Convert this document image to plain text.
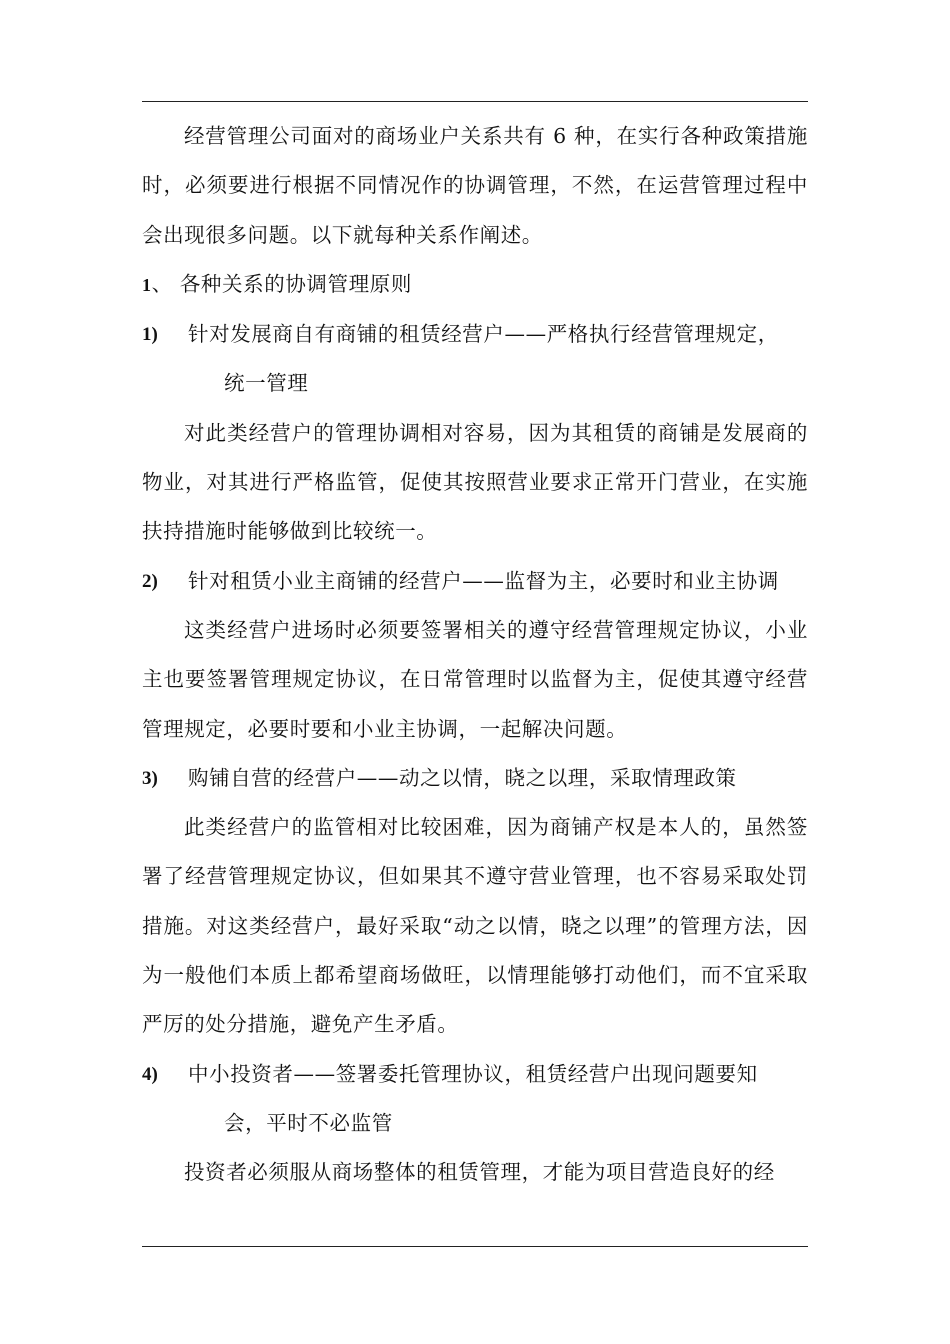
经营管理公司面对的商场业户关系共有 6 种，在实行各种政策措施时，必须要进行根据不同情况作的协调管理，不然，在运营管理过程中会出现很多问题。以下就每种关系作阐述。

1、 各种关系的协调管理原则

1)	针对发展商自有商铺的租赁经营户——严格执行经营管理规定，
统一管理

对此类经营户的管理协调相对容易，因为其租赁的商铺是发展商的物业，对其进行严格监管，促使其按照营业要求正常开门营业，在实施扶持措施时能够做到比较统一。

2)	针对租赁小业主商铺的经营户——监督为主，必要时和业主协调

这类经营户进场时必须要签署相关的遵守经营管理规定协议，小业主也要签署管理规定协议，在日常管理时以监督为主，促使其遵守经营管理规定，必要时要和小业主协调，一起解决问题。

3)	购铺自营的经营户——动之以情，晓之以理，采取情理政策

此类经营户的监管相对比较困难，因为商铺产权是本人的，虽然签署了经营管理规定协议，但如果其不遵守营业管理，也不容易采取处罚措施。对这类经营户，最好采取“动之以情，晓之以理”的管理方法，因为一般他们本质上都希望商场做旺，以情理能够打动他们，而不宜采取严厉的处分措施，避免产生矛盾。

4)	中小投资者——签署委托管理协议，租赁经营户出现问题要知
会，平时不必监管

投资者必须服从商场整体的租赁管理，才能为项目营造良好的经
